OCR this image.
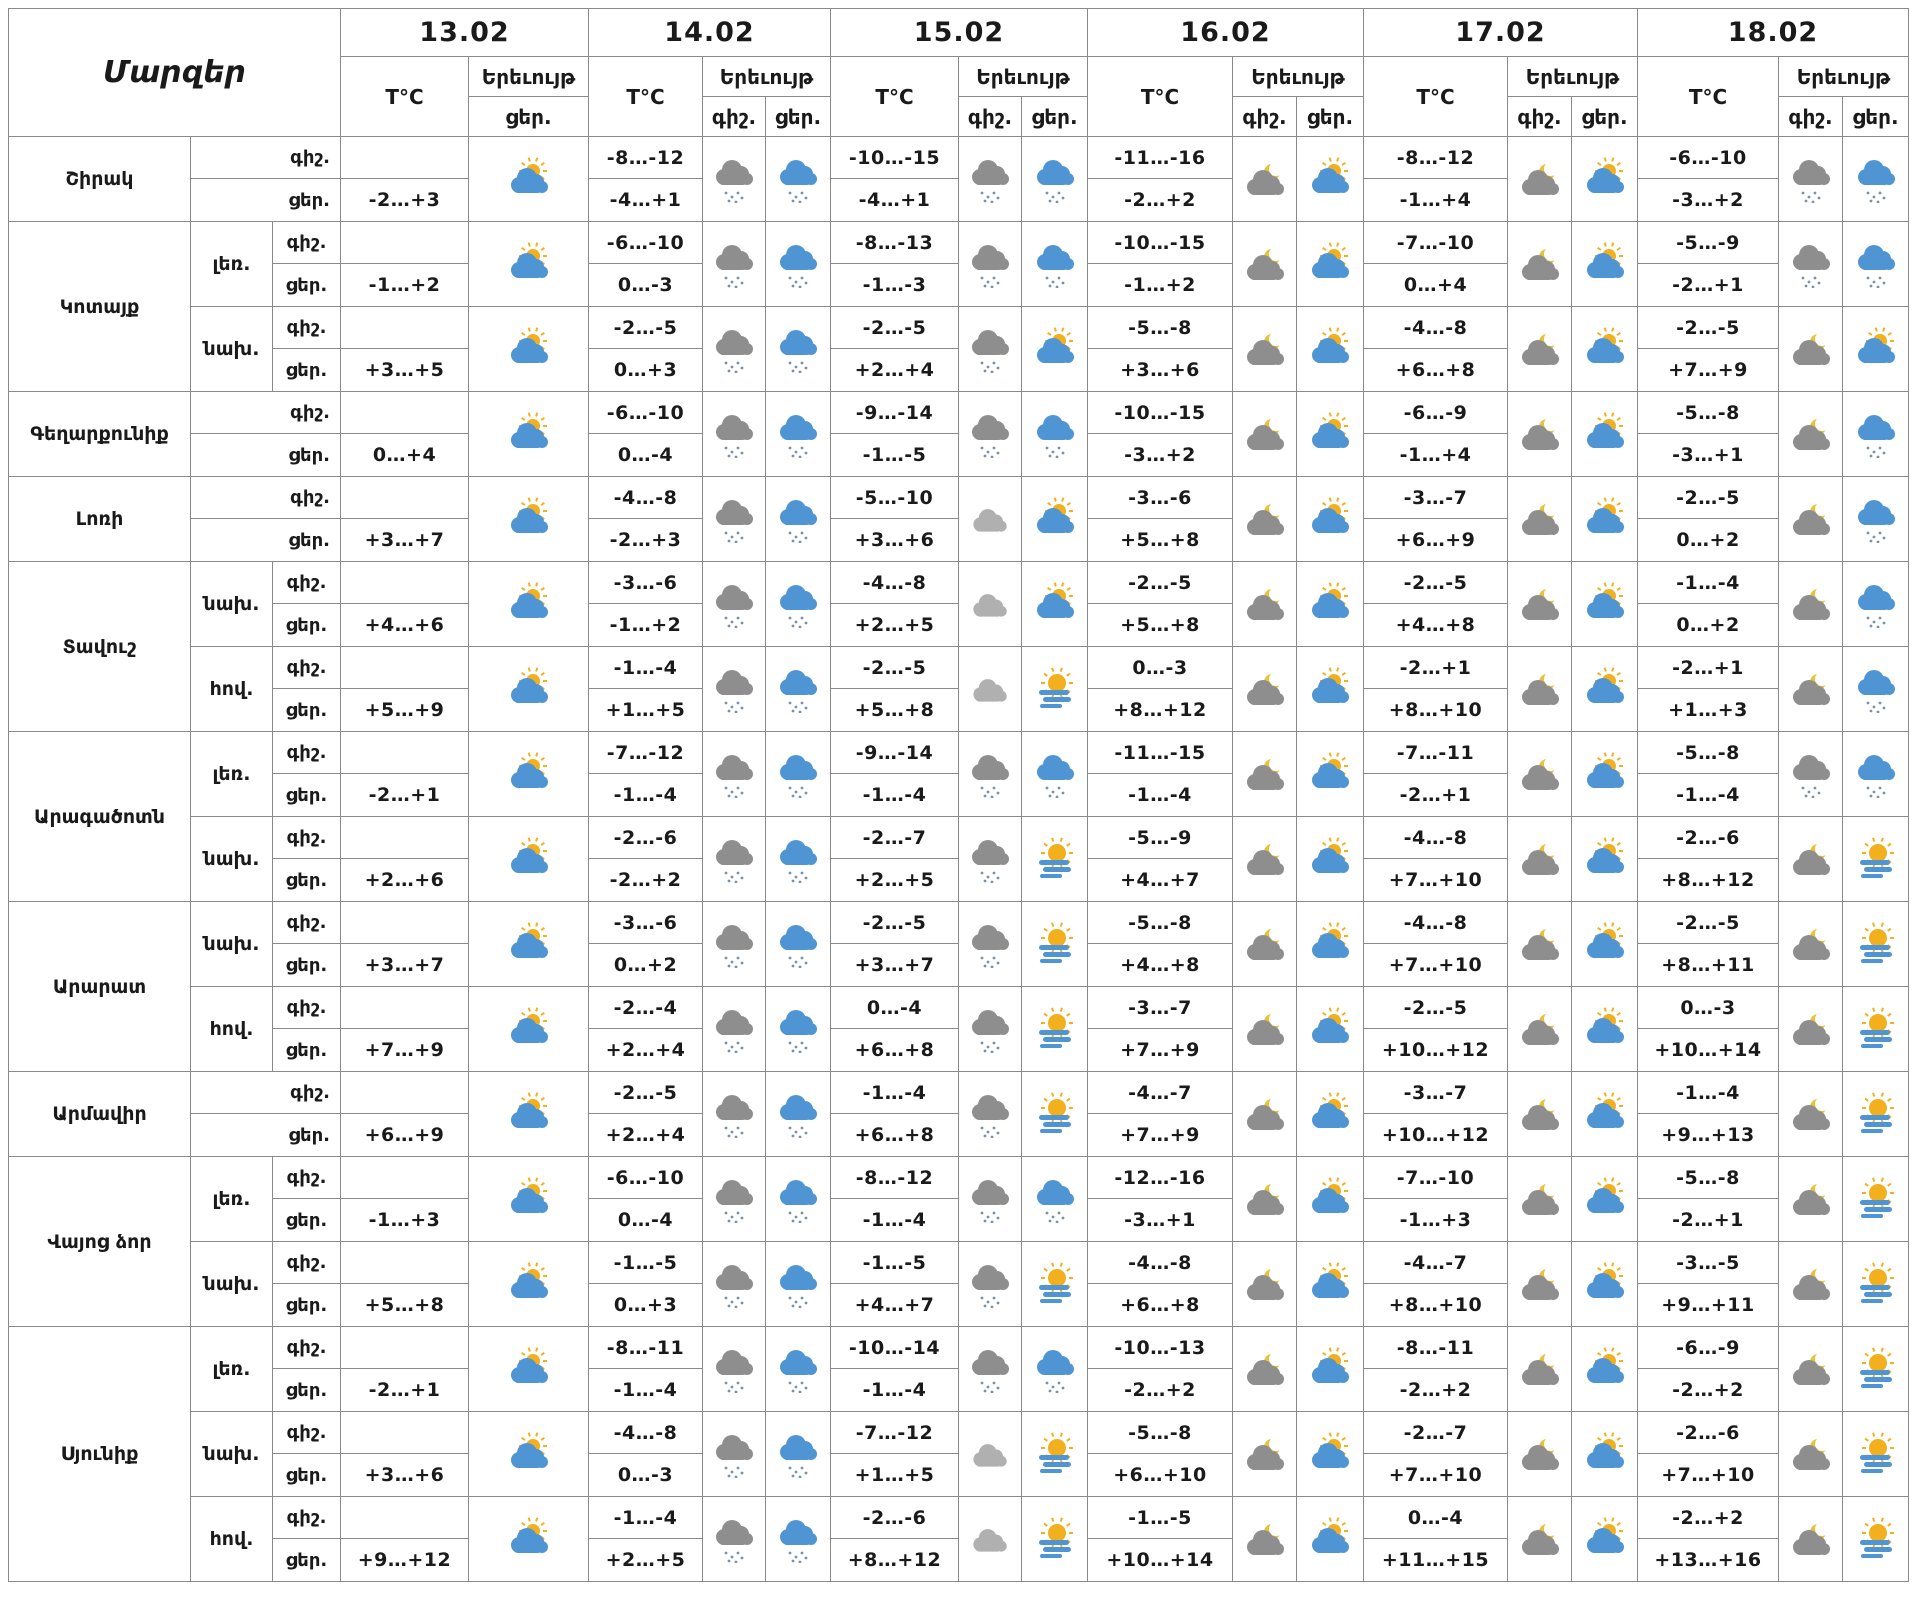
Մարզեր			13.02		14.02			15.02			16.02			17.02			18.02		
			T°C	Երեւույթ	T°C	Երեւույթ		T°C	Երեւույթ		T°C	Երեւույթ		T°C	Երեւույթ		T°C	Երեւույթ	
				ցեր.		գիշ.	ցեր.		գիշ.	ցեր.		գիշ.	ցեր.		գիշ.	ցեր.		գիշ.	ցեր.
Շիրակ	գիշ.				-8…-12			-10…-15			-11…-16			-8…-12			-6…-10	

	ցեր.		-2…+3		-4…+1			-4…+1			-2…+2			-1…+4			-3…+2		
Կոտայք	լեռ.	գիշ.			-6…-10			-8…-13			-10…-15			-7…-10			-5…-9	

		ցեր.	-1…+2		0…-3			-1…-3			-1…+2			0…+4			-2…+1		
	նախ.	գիշ.			-2…-5			-2…-5			-5…-8			-4…-8			-2…-5	

		ցեր.	+3…+5		0…+3			+2…+4			+3…+6			+6…+8			+7…+9		
Գեղարքունիք	գիշ.				-6…-10			-9…-14			-10…-15			-6…-9			-5…-8	

	ցեր.		0…+4		0…-4			-1…-5			-3…+2			-1…+4			-3…+1		
Լոռի	գիշ.				-4…-8			-5…-10			-3…-6			-3…-7			-2…-5	

	ցեր.		+3…+7		-2…+3			+3…+6			+5…+8			+6…+9			0…+2		
Տավուշ	նախ.	գիշ.			-3…-6			-4…-8			-2…-5			-2…-5			-1…-4	

		ցեր.	+4…+6		-1…+2			+2…+5			+5…+8			+4…+8			0…+2		
	հով.	գիշ.			-1…-4			-2…-5			0…-3			-2…+1			-2…+1	

		ցեր.	+5…+9		+1…+5			+5…+8			+8…+12			+8…+10			+1…+3		
Արագածոտն	լեռ.	գիշ.			-7…-12			-9…-14			-11…-15			-7…-11			-5…-8	

		ցեր.	-2…+1		-1…-4			-1…-4			-1…-4			-2…+1			-1…-4		
	նախ.	գիշ.			-2…-6			-2…-7			-5…-9			-4…-8			-2…-6	

		ցեր.	+2…+6		-2…+2			+2…+5			+4…+7			+7…+10			+8…+12		
Արարատ	նախ.	գիշ.			-3…-6			-2…-5			-5…-8			-4…-8			-2…-5	

		ցեր.	+3…+7		0…+2			+3…+7			+4…+8			+7…+10			+8…+11		
	հով.	գիշ.			-2…-4			0…-4			-3…-7			-2…-5			0…-3	

		ցեր.	+7…+9		+2…+4			+6…+8			+7…+9			+10…+12			+10…+14		
Արմավիր	գիշ.				-2…-5			-1…-4			-4…-7			-3…-7			-1…-4	

	ցեր.		+6…+9		+2…+4			+6…+8			+7…+9			+10…+12			+9…+13		
Վայոց ձոր	լեռ.	գիշ.			-6…-10			-8…-12			-12…-16			-7…-10			-5…-8	

		ցեր.	-1…+3		0…-4			-1…-4			-3…+1			-1…+3			-2…+1		
	նախ.	գիշ.			-1…-5			-1…-5			-4…-8			-4…-7			-3…-5	

		ցեր.	+5…+8		0…+3			+4…+7			+6…+8			+8…+10			+9…+11		
Սյունիք	լեռ.	գիշ.			-8…-11			-10…-14			-10…-13			-8…-11			-6…-9	

		ցեր.	-2…+1		-1…-4			-1…-4			-2…+2			-2…+2			-2…+2		
	նախ.	գիշ.			-4…-8			-7…-12			-5…-8			-2…-7			-2…-6	

		ցեր.	+3…+6		0…-3			+1…+5			+6…+10			+7…+10			+7…+10		
	հով.	գիշ.			-1…-4			-2…-6			-1…-5			0…-4			-2…+2	

		ցեր.	+9…+12		+2…+5			+8…+12			+10…+14			+11…+15			+13…+16		
